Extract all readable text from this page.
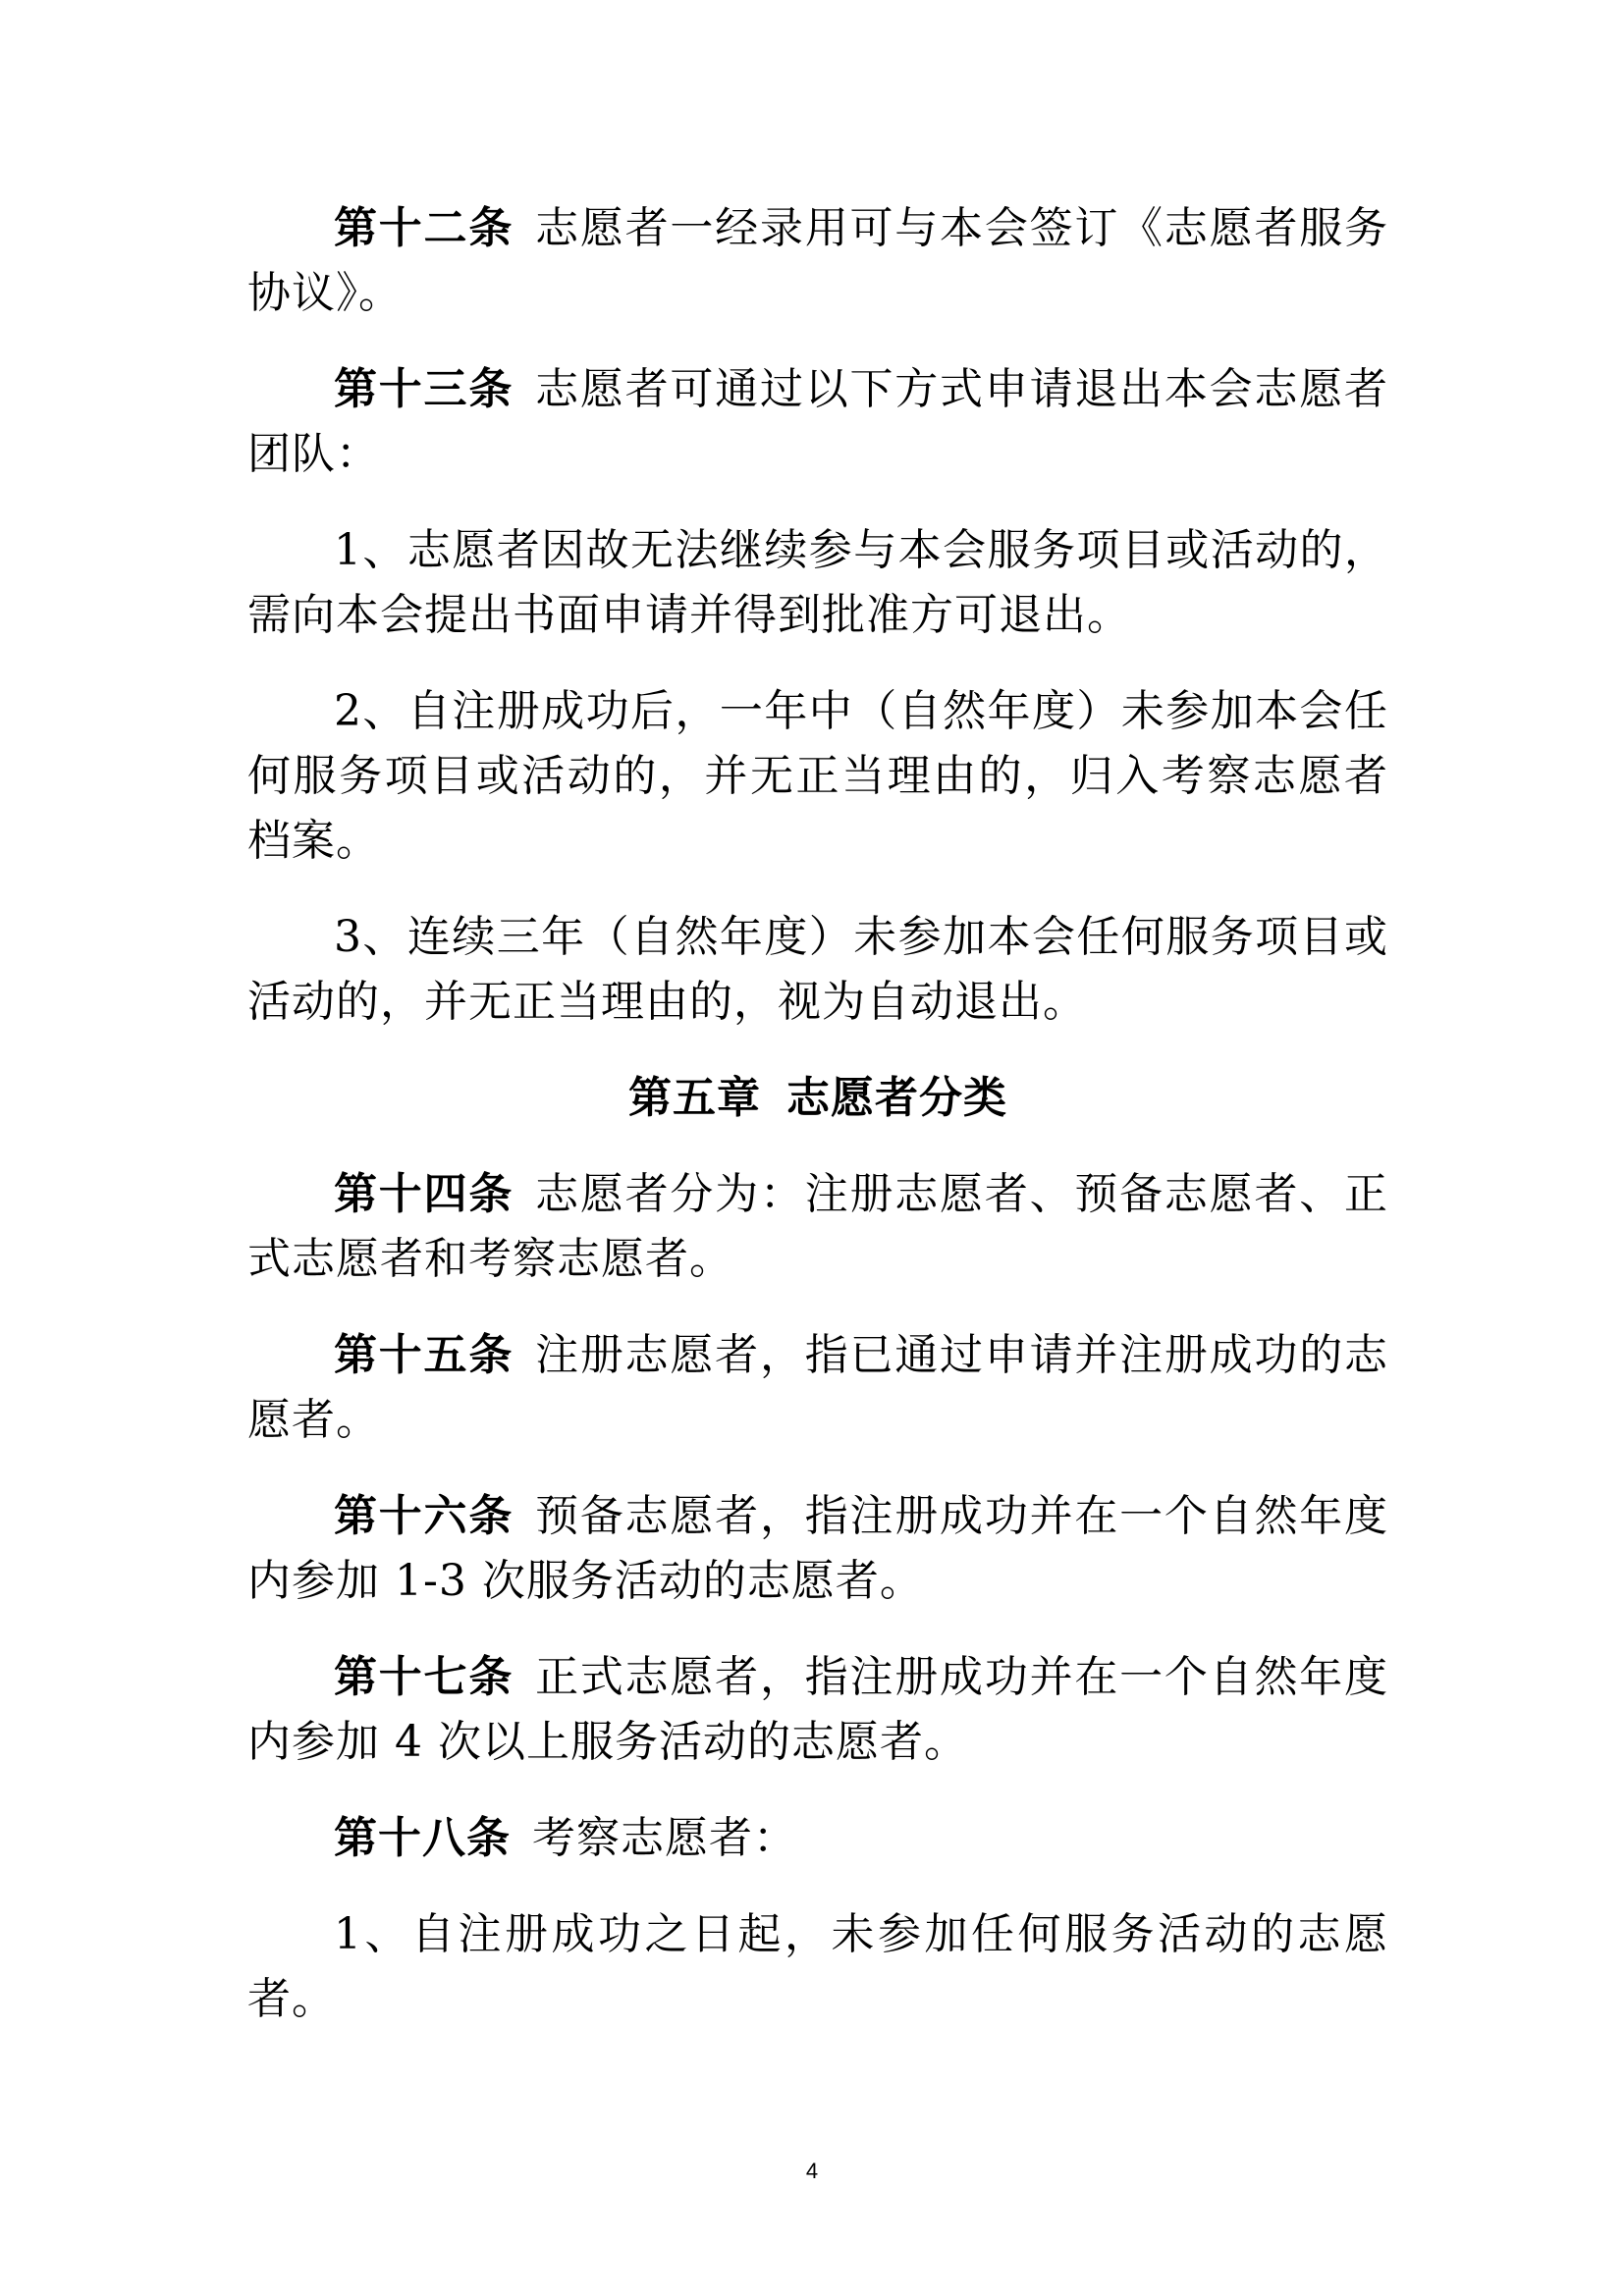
第十二条 志愿者一经录用可与本会签订《志愿者服务协议》。

第十三条 志愿者可通过以下方式申请退出本会志愿者团队：

1、志愿者因故无法继续参与本会服务项目或活动的，需向本会提出书面申请并得到批准方可退出。

2、自注册成功后，一年中（自然年度）未参加本会任何服务项目或活动的，并无正当理由的，归入考察志愿者档案。

3、连续三年（自然年度）未参加本会任何服务项目或活动的，并无正当理由的，视为自动退出。

第五章 志愿者分类

第十四条 志愿者分为：注册志愿者、预备志愿者、正式志愿者和考察志愿者。

第十五条 注册志愿者，指已通过申请并注册成功的志愿者。

第十六条 预备志愿者，指注册成功并在一个自然年度内参加 1-3 次服务活动的志愿者。

第十七条 正式志愿者，指注册成功并在一个自然年度内参加 4 次以上服务活动的志愿者。

第十八条 考察志愿者：

1、自注册成功之日起，未参加任何服务活动的志愿者。

4
